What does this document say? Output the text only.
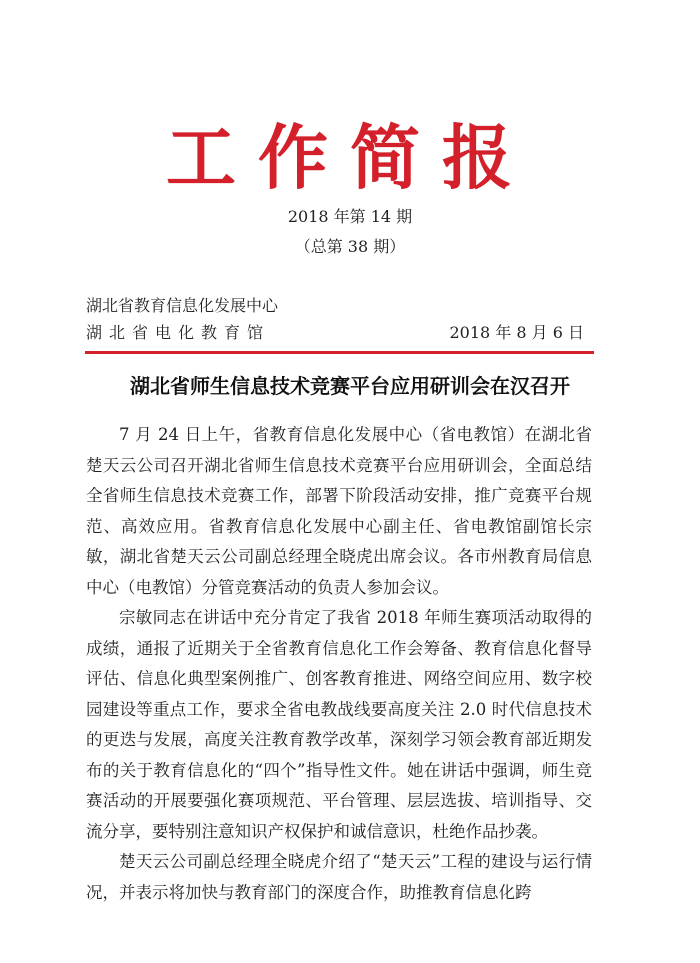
工作简报
2018 年第 14 期
（总第 38 期）
湖北省教育信息化发展中心
湖北省电化教育馆	2018 年 8 月 6 日
湖北省师生信息技术竞赛平台应用研训会在汉召开

7 月 24 日上午，省教育信息化发展中心（省电教馆）在湖北省楚天云公司召开湖北省师生信息技术竞赛平台应用研训会，全面总结全省师生信息技术竞赛工作，部署下阶段活动安排，推广竞赛平台规范、高效应用。省教育信息化发展中心副主任、省电教馆副馆长宗敏，湖北省楚天云公司副总经理全晓虎出席会议。各市州教育局信息中心（电教馆）分管竞赛活动的负责人参加会议。

宗敏同志在讲话中充分肯定了我省 2018 年师生赛项活动取得的成绩，通报了近期关于全省教育信息化工作会筹备、教育信息化督导评估、信息化典型案例推广、创客教育推进、网络空间应用、数字校园建设等重点工作，要求全省电教战线要高度关注 2.0 时代信息技术的更迭与发展，高度关注教育教学改革，深刻学习领会教育部近期发布的关于教育信息化的“四个”指导性文件。她在讲话中强调，师生竞赛活动的开展要强化赛项规范、平台管理、层层选拔、培训指导、交流分享，要特别注意知识产权保护和诚信意识，杜绝作品抄袭。

楚天云公司副总经理全晓虎介绍了“楚天云”工程的建设与运行情况，并表示将加快与教育部门的深度合作，助推教育信息化跨
